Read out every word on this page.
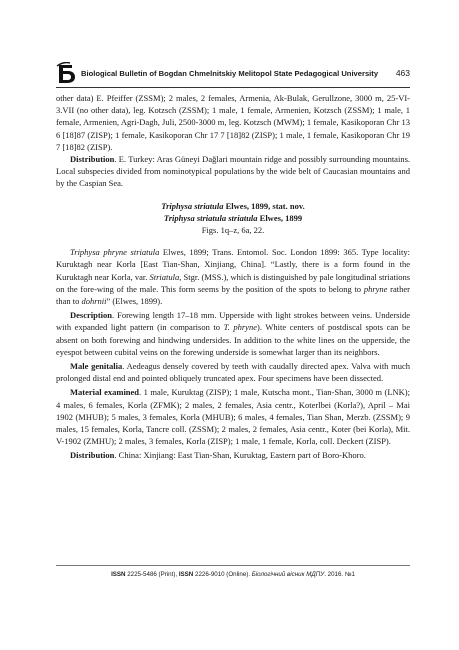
Biological Bulletin of Bogdan Chmelnitskiy Melitopol State Pedagogical University 463

other data) E. Pfeiffer (ZSSM); 2 males, 2 females, Armenia, Ak-Bulak, Gerullzone, 3000 m, 25-VI-3.VII (no other data), leg. Kotzsch (ZSSM); 1 male, 1 female, Armenien, Kotzsch (ZSSM); 1 male, 1 female, Armenien, Agri-Dagh, Juli, 2500-3000 m, leg. Kotzsch (MWM); 1 female, Kasikoporan Chr 13 6 [18]87 (ZISP); 1 female, Kasikoporan Chr 17 7 [18]82 (ZISP); 1 male, 1 female, Kasikoporan Chr 19 7 [18]82 (ZISP).

Distribution. E. Turkey: Aras Güneyi Dağlari mountain ridge and possibly surrounding mountains. Local subspecies divided from nominotypical populations by the wide belt of Caucasian mountains and by the Caspian Sea.

Triphysa striatula Elwes, 1899, stat. nov.

Triphysa striatula striatula Elwes, 1899

Figs. 1q–z, 6a, 22.

Triphysa phryne striatula Elwes, 1899; Trans. Entomol. Soc. London 1899: 365. Type locality: Kuruktagh near Korla [East Tian-Shan, Xinjiang, China]. “Lastly, there is a form found in the Kuruktagh near Korla, var. Striatula, Stgr. (MSS.), which is distinguished by pale longitudinal striations on the fore-wing of the male. This form seems by the position of the spots to belong to phryne rather than to dohrnii” (Elwes, 1899).

Description. Forewing length 17–18 mm. Upperside with light strokes between veins. Underside with expanded light pattern (in comparison to T. phryne). White centers of postdiscal spots can be absent on both forewing and hindwing undersides. In addition to the white lines on the upperside, the eyespot between cubital veins on the forewing underside is somewhat larger than its neighbors.

Male genitalia. Aedeagus densely covered by teeth with caudally directed apex. Valva with much prolonged distal end and pointed obliquely truncated apex. Four specimens have been dissected.

Material examined. 1 male, Kuruktag (ZISP); 1 male, Kutscha mont., Tian-Shan, 3000 m (LNK); 4 males, 6 females, Korla (ZFMK); 2 males, 2 females, Asia centr., Koterlbei (Korla?), April – Mai 1902 (MHUB); 5 males, 3 females, Korla (MHUB); 6 males, 4 females, Tian Shan, Merzb. (ZSSM); 9 males, 15 females, Korla, Tancre coll. (ZSSM); 2 males, 2 females, Asia centr., Koter (bei Korla), Mit. V-1902 (ZMHU); 2 males, 3 females, Korla (ZISP); 1 male, 1 female, Korla, coll. Deckert (ZISP).

Distribution. China: Xinjiang: East Tian-Shan, Kuruktag, Eastern part of Boro-Khoro.

ISSN 2225-5486 (Print), ISSN 2226-9010 (Online). Біологічний вісник МДПУ. 2016. №1
